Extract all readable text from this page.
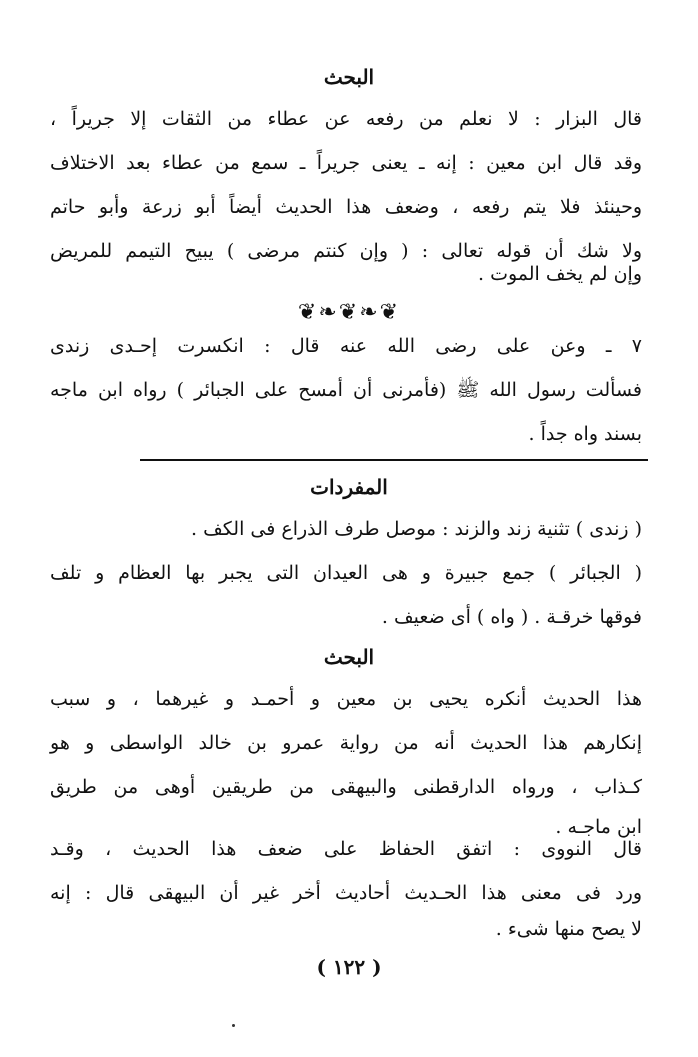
البحث
قال البزار : لا نعلم من رفعه عن عطاء من الثقات إلا جريراً ،
وقد قال ابن معين : إنه ـ يعنى جريراً ـ سمع من عطاء بعد الاختلاف
وحينئذ فلا يتم رفعه ، وضعف هذا الحديث أيضاً أبو زرعة وأبو حاتم
ولا شك أن قوله تعالى : ( وإن كنتم مرضى ) يبيح التيمم للمريض
وإن لم يخف الموت .
❦❧❦❧❦
٧ ـ وعن على رضى الله عنه قال : انكسرت إحـدى زندى
فسألت رسول الله ﷺ (فأمرنى أن أمسح على الجبائر ) رواه ابن ماجه
بسند واه جداً .
المفردات
( زندى ) تثنية زند والزند : موصل طرف الذراع فى الكف .
( الجبائر ) جمع جبيرة و هى العيدان التى يجبر بها العظام و تلف
فوقها خرقـة . ( واه ) أى ضعيف .
البحث
هذا الحديث أنكره يحيى بن معين و أحمـد و غيرهما ، و سبب
إنكارهم هذا الحديث أنه من رواية عمرو بن خالد الواسطى و هو
كـذاب ، ورواه الدارقطنى والبيهقى من طريقين أوهى من طريق
ابن ماجـه .
قال النووى : اتفق الحفاظ على ضعف هذا الحديث ، وقـد
ورد فى معنى هذا الحـديث أحاديث أخر غير أن البيهقى قال : إنه
لا يصح منها شىء .
( ١٢٢ )
